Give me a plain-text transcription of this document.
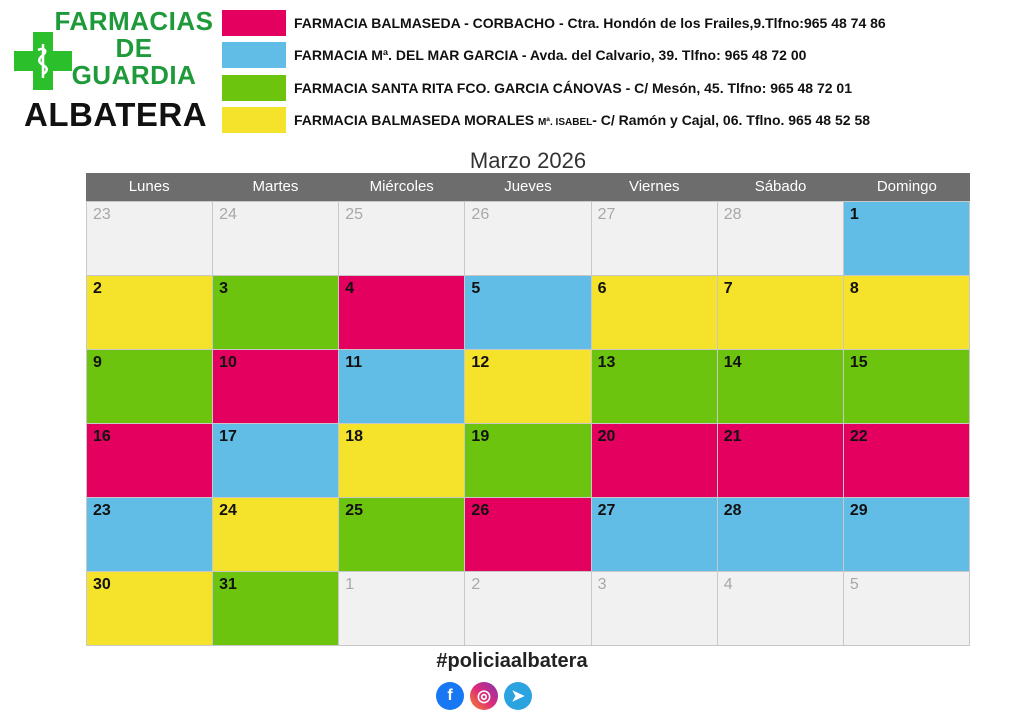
FARMACIAS
DE
GUARDIA
ALBATERA
FARMACIA BALMASEDA - CORBACHO - Ctra. Hondón de los Frailes,9.Tlfno:965 48 74 86
FARMACIA Mª. DEL MAR GARCIA - Avda. del Calvario, 39. Tlfno: 965 48 72 00
FARMACIA SANTA RITA FCO. GARCIA CÁNOVAS - C/ Mesón, 45. Tlfno: 965 48 72 01
FARMACIA BALMASEDA MORALES Mª. ISABEL- C/ Ramón y Cajal, 06. Tflno. 965 48 52 58
Marzo 2026
Lunes	Martes	Miércoles	Jueves	Viernes	Sábado	Domingo
23	24	25	26	27	28	1
2	3	4	5	6	7	8
9	10	11	12	13	14	15
16	17	18	19	20	21	22
23	24	25	26	27	28	29
30	31	1	2	3	4	5
#policiaalbatera
f	◎	➤
